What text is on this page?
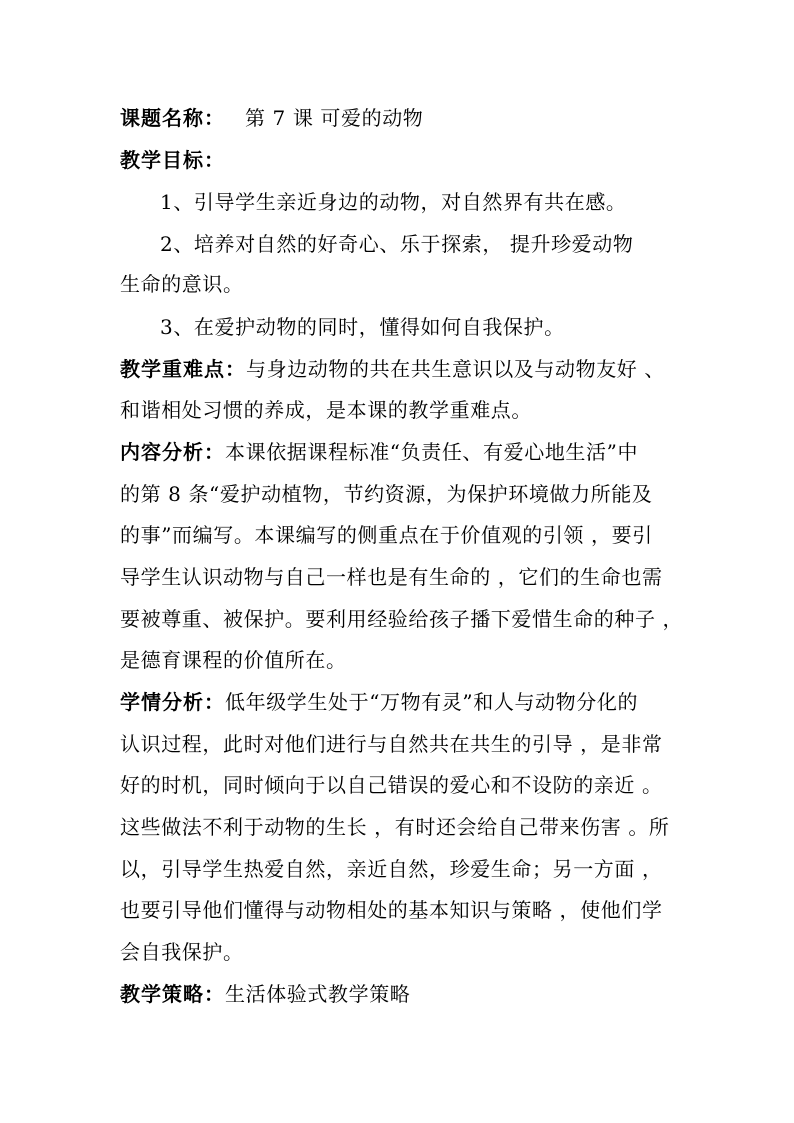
课题名称： 第 7 课 可爱的动物
教学目标：
1、引导学生亲近身边的动物，对自然界有共在感。
2、培养对自然的好奇心、乐于探索， 提升珍爱动物
生命的意识。
3、在爱护动物的同时，懂得如何自我保护。
教学重难点：与身边动物的共在共生意识以及与动物友好 、
和谐相处习惯的养成，是本课的教学重难点。
内容分析：本课依据课程标准“负责任、有爱心地生活”中
的第 8 条“爱护动植物，节约资源，为保护环境做力所能及
的事”而编写。本课编写的侧重点在于价值观的引领 ，要引
导学生认识动物与自己一样也是有生命的 ，它们的生命也需
要被尊重、被保护。要利用经验给孩子播下爱惜生命的种子 ，
是德育课程的价值所在。
学情分析：低年级学生处于“万物有灵”和人与动物分化的
认识过程，此时对他们进行与自然共在共生的引导 ，是非常
好的时机，同时倾向于以自己错误的爱心和不设防的亲近 。
这些做法不利于动物的生长 ，有时还会给自己带来伤害 。所
以，引导学生热爱自然，亲近自然，珍爱生命；另一方面 ，
也要引导他们懂得与动物相处的基本知识与策略 ，使他们学
会自我保护。
教学策略：生活体验式教学策略
